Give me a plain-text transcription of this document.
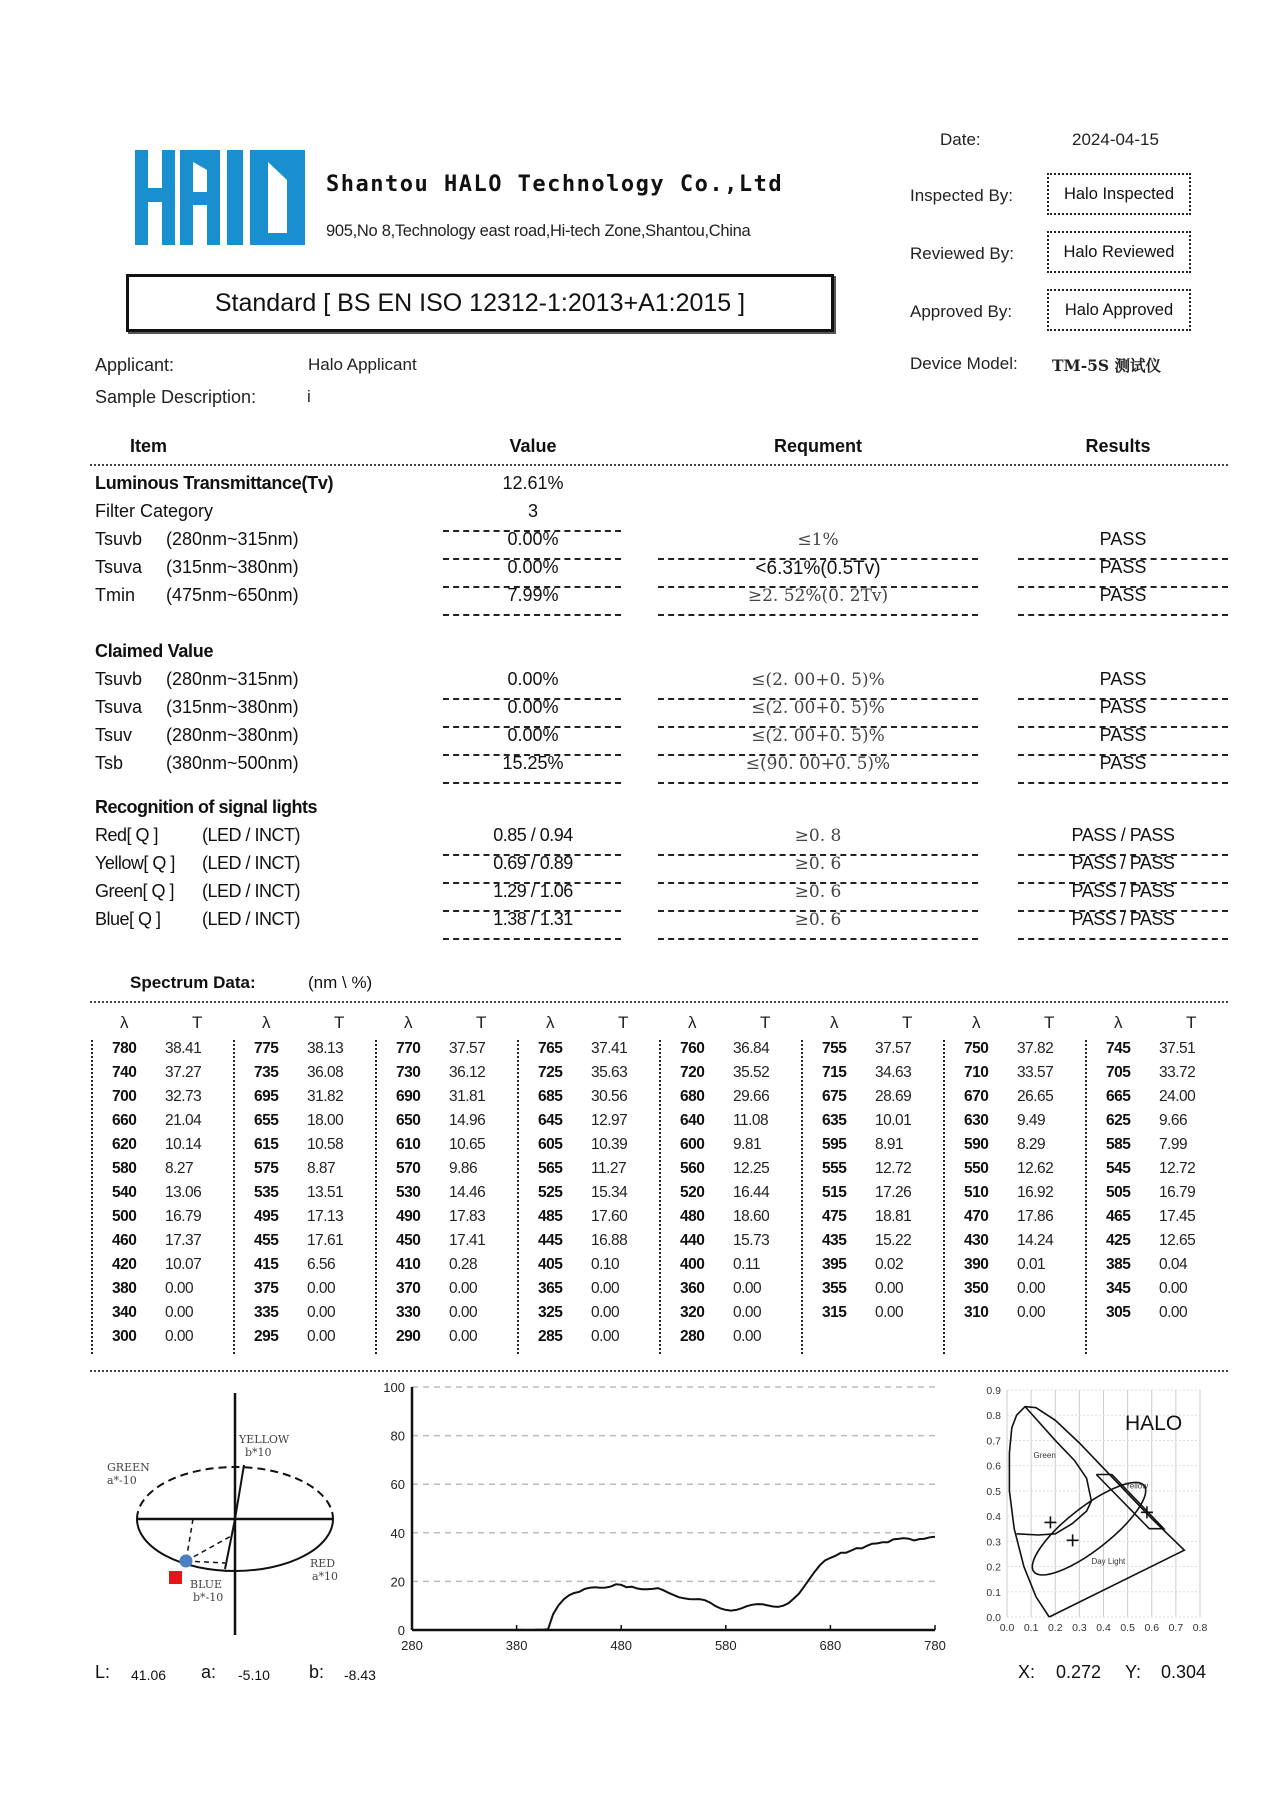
Shantou HALO Technology Co.,Ltd
905,No 8,Technology east road,Hi-tech Zone,Shantou,China
Standard [ BS EN ISO 12312-1:2013+A1:2015 ]
Date:	2024-04-15
Inspected By:	Halo Inspected
Reviewed By:	Halo Reviewed
Approved By:	Halo Approved
Device Model: TM-5S 测试仪
Applicant:	Halo Applicant
Sample Description:	i
Item	Value	Requment	Results
Luminous Transmittance(Tv)	12.61%
Filter Category	3
Tsuvb (280nm~315nm)	0.00%	≤1%	PASS
Tsuva (315nm~380nm)	0.00%	<6.31%(0.5Tv)	PASS
Tmin (475nm~650nm)	7.99%	≥2. 52%(0. 2Tv)	PASS
Claimed Value
Tsuvb (280nm~315nm)	0.00%	≤(2. 00+0. 5)%	PASS
Tsuva (315nm~380nm)	0.00%	≤(2. 00+0. 5)%	PASS
Tsuv (280nm~380nm)	0.00%	≤(2. 00+0. 5)%	PASS
Tsb (380nm~500nm)	15.25%	≤(90. 00+0. 5)%	PASS
Recognition of signal lights
Red[ Q ] (LED / INCT)	0.85 / 0.94	≥0. 8	PASS / PASS
Yellow[ Q ] (LED / INCT)	0.69 / 0.89	≥0. 6	PASS / PASS
Green[ Q ] (LED / INCT)	1.29 / 1.06	≥0. 6	PASS / PASS
Blue[ Q ] (LED / INCT)	1.38 / 1.31	≥0. 6	PASS / PASS
Spectrum Data:	(nm \ %)
λ	T
780 38.41
740 37.27
700 32.73
660 21.04
620 10.14
580 8.27
540 13.06
500 16.79
460 17.37
420 10.07
380 0.00
340 0.00
300 0.00
λ	T
775 38.13
735 36.08
695 31.82
655 18.00
615 10.58
575 8.87
535 13.51
495 17.13
455 17.61
415 6.56
375 0.00
335 0.00
295 0.00
λ	T
770 37.57
730 36.12
690 31.81
650 14.96
610 10.65
570 9.86
530 14.46
490 17.83
450 17.41
410 0.28
370 0.00
330 0.00
290 0.00
λ	T
765 37.41
725 35.63
685 30.56
645 12.97
605 10.39
565 11.27
525 15.34
485 17.60
445 16.88
405 0.10
365 0.00
325 0.00
285 0.00
λ	T
760 36.84
720 35.52
680 29.66
640 11.08
600 9.81
560 12.25
520 16.44
480 18.60
440 15.73
400 0.11
360 0.00
320 0.00
280 0.00
λ	T
755 37.57
715 34.63
675 28.69
635 10.01
595 8.91
555 12.72
515 17.26
475 18.81
435 15.22
395 0.02
355 0.00
315 0.00
λ	T
750 37.82
710 33.57
670 26.65
630 9.49
590 8.29
550 12.62
510 16.92
470 17.86
430 14.24
390 0.01
350 0.00
310 0.00
λ	T
745 37.51
705 33.72
665 24.00
625 9.66
585 7.99
545 12.72
505 16.79
465 17.45
425 12.65
385 0.04
345 0.00
305 0.00
YELLOW
b*10
GREEN
a*-10
RED
a*10
BLUE
b*-10
L: 41.06 a: -5.10 b: -8.43
0
20
40
60
80
100
280	380	480	580	680	780
0.0 0.1 0.2 0.3 0.4 0.5 0.6 0.7 0.8
0.0
0.1
0.2
0.3
0.4
0.5
0.6
0.7
0.8
0.9
HALO
Green
Yellow
Day Light
X: 0.272 Y: 0.304
